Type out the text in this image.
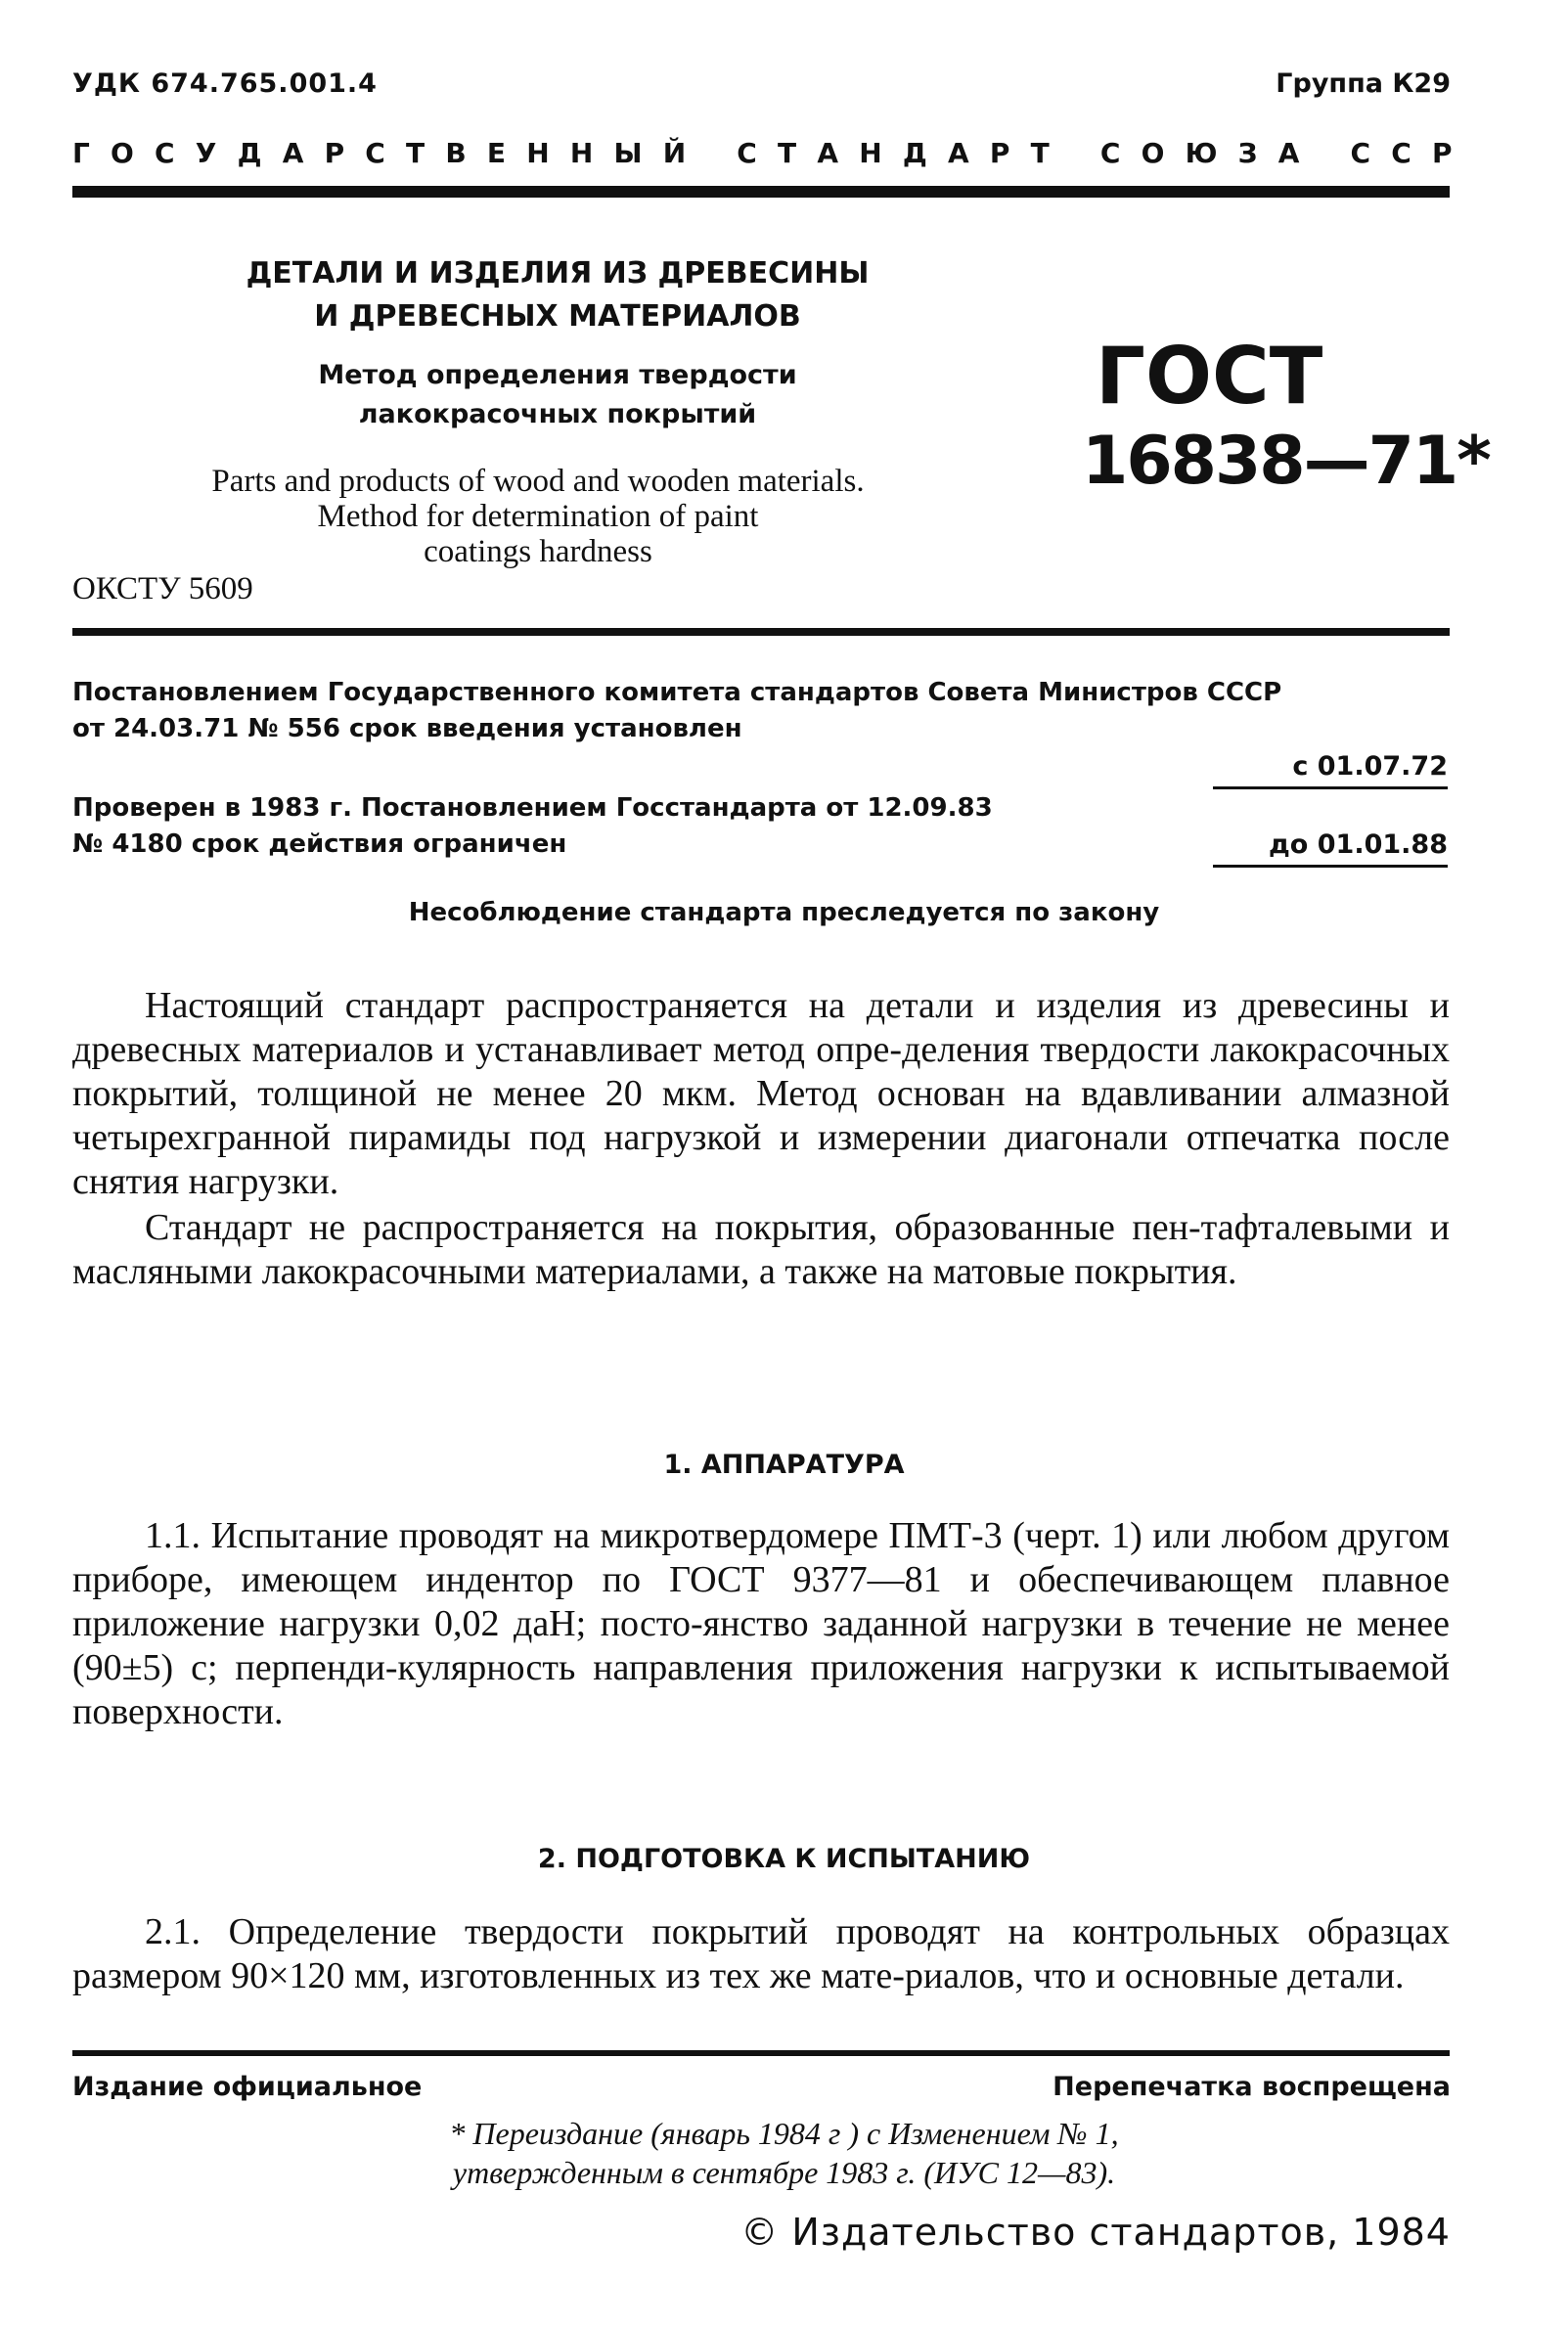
УДК 674.765.001.4	Группа К29
ГОСУДАРСТВЕННЫЙ СТАНДАРТ СОЮЗА ССР
ДЕТАЛИ И ИЗДЕЛИЯ ИЗ ДРЕВЕСИНЫ
И ДРЕВЕСНЫХ МАТЕРИАЛОВ
Метод определения твердости
лакокрасочных покрытий
Parts and products of wood and wooden materials.
Method for determination of paint
coatings hardness
ОКСТУ 5609
ГОСТ
16838—71*
Постановлением Государственного комитета стандартов Совета Министров СССР
от 24.03.71 № 556 срок введения установлен
с 01.07.72
Проверен в 1983 г. Постановлением Госстандарта от 12.09.83
№ 4180 срок действия ограничен	до 01.01.88
Несоблюдение стандарта преследуется по закону

Настоящий стандарт распространяется на детали и изделия из древесины и древесных материалов и устанавливает метод опре-деления твердости лакокрасочных покрытий, толщиной не менее 20 мкм. Метод основан на вдавливании алмазной четырехгранной пирамиды под нагрузкой и измерении диагонали отпечатка после снятия нагрузки.

Стандарт не распространяется на покрытия, образованные пен-тафталевыми и масляными лакокрасочными материалами, а также на матовые покрытия.

1. АППАРАТУРА

1.1. Испытание проводят на микротвердомере ПМТ-3 (черт. 1) или любом другом приборе, имеющем индентор по ГОСТ 9377—81 и обеспечивающем плавное приложение нагрузки 0,02 даН; посто-янство заданной нагрузки в течение не менее (90±5) с; перпенди-кулярность направления приложения нагрузки к испытываемой поверхности.

2. ПОДГОТОВКА К ИСПЫТАНИЮ

2.1. Определение твердости покрытий проводят на контрольных образцах размером 90×120 мм, изготовленных из тех же мате-риалов, что и основные детали.

Издание официальное	Перепечатка воспрещена
* Переиздание (январь 1984 г ) с Изменением № 1,
утвержденным в сентябре 1983 г. (ИУС 12—83).
© Издательство стандартов, 1984
